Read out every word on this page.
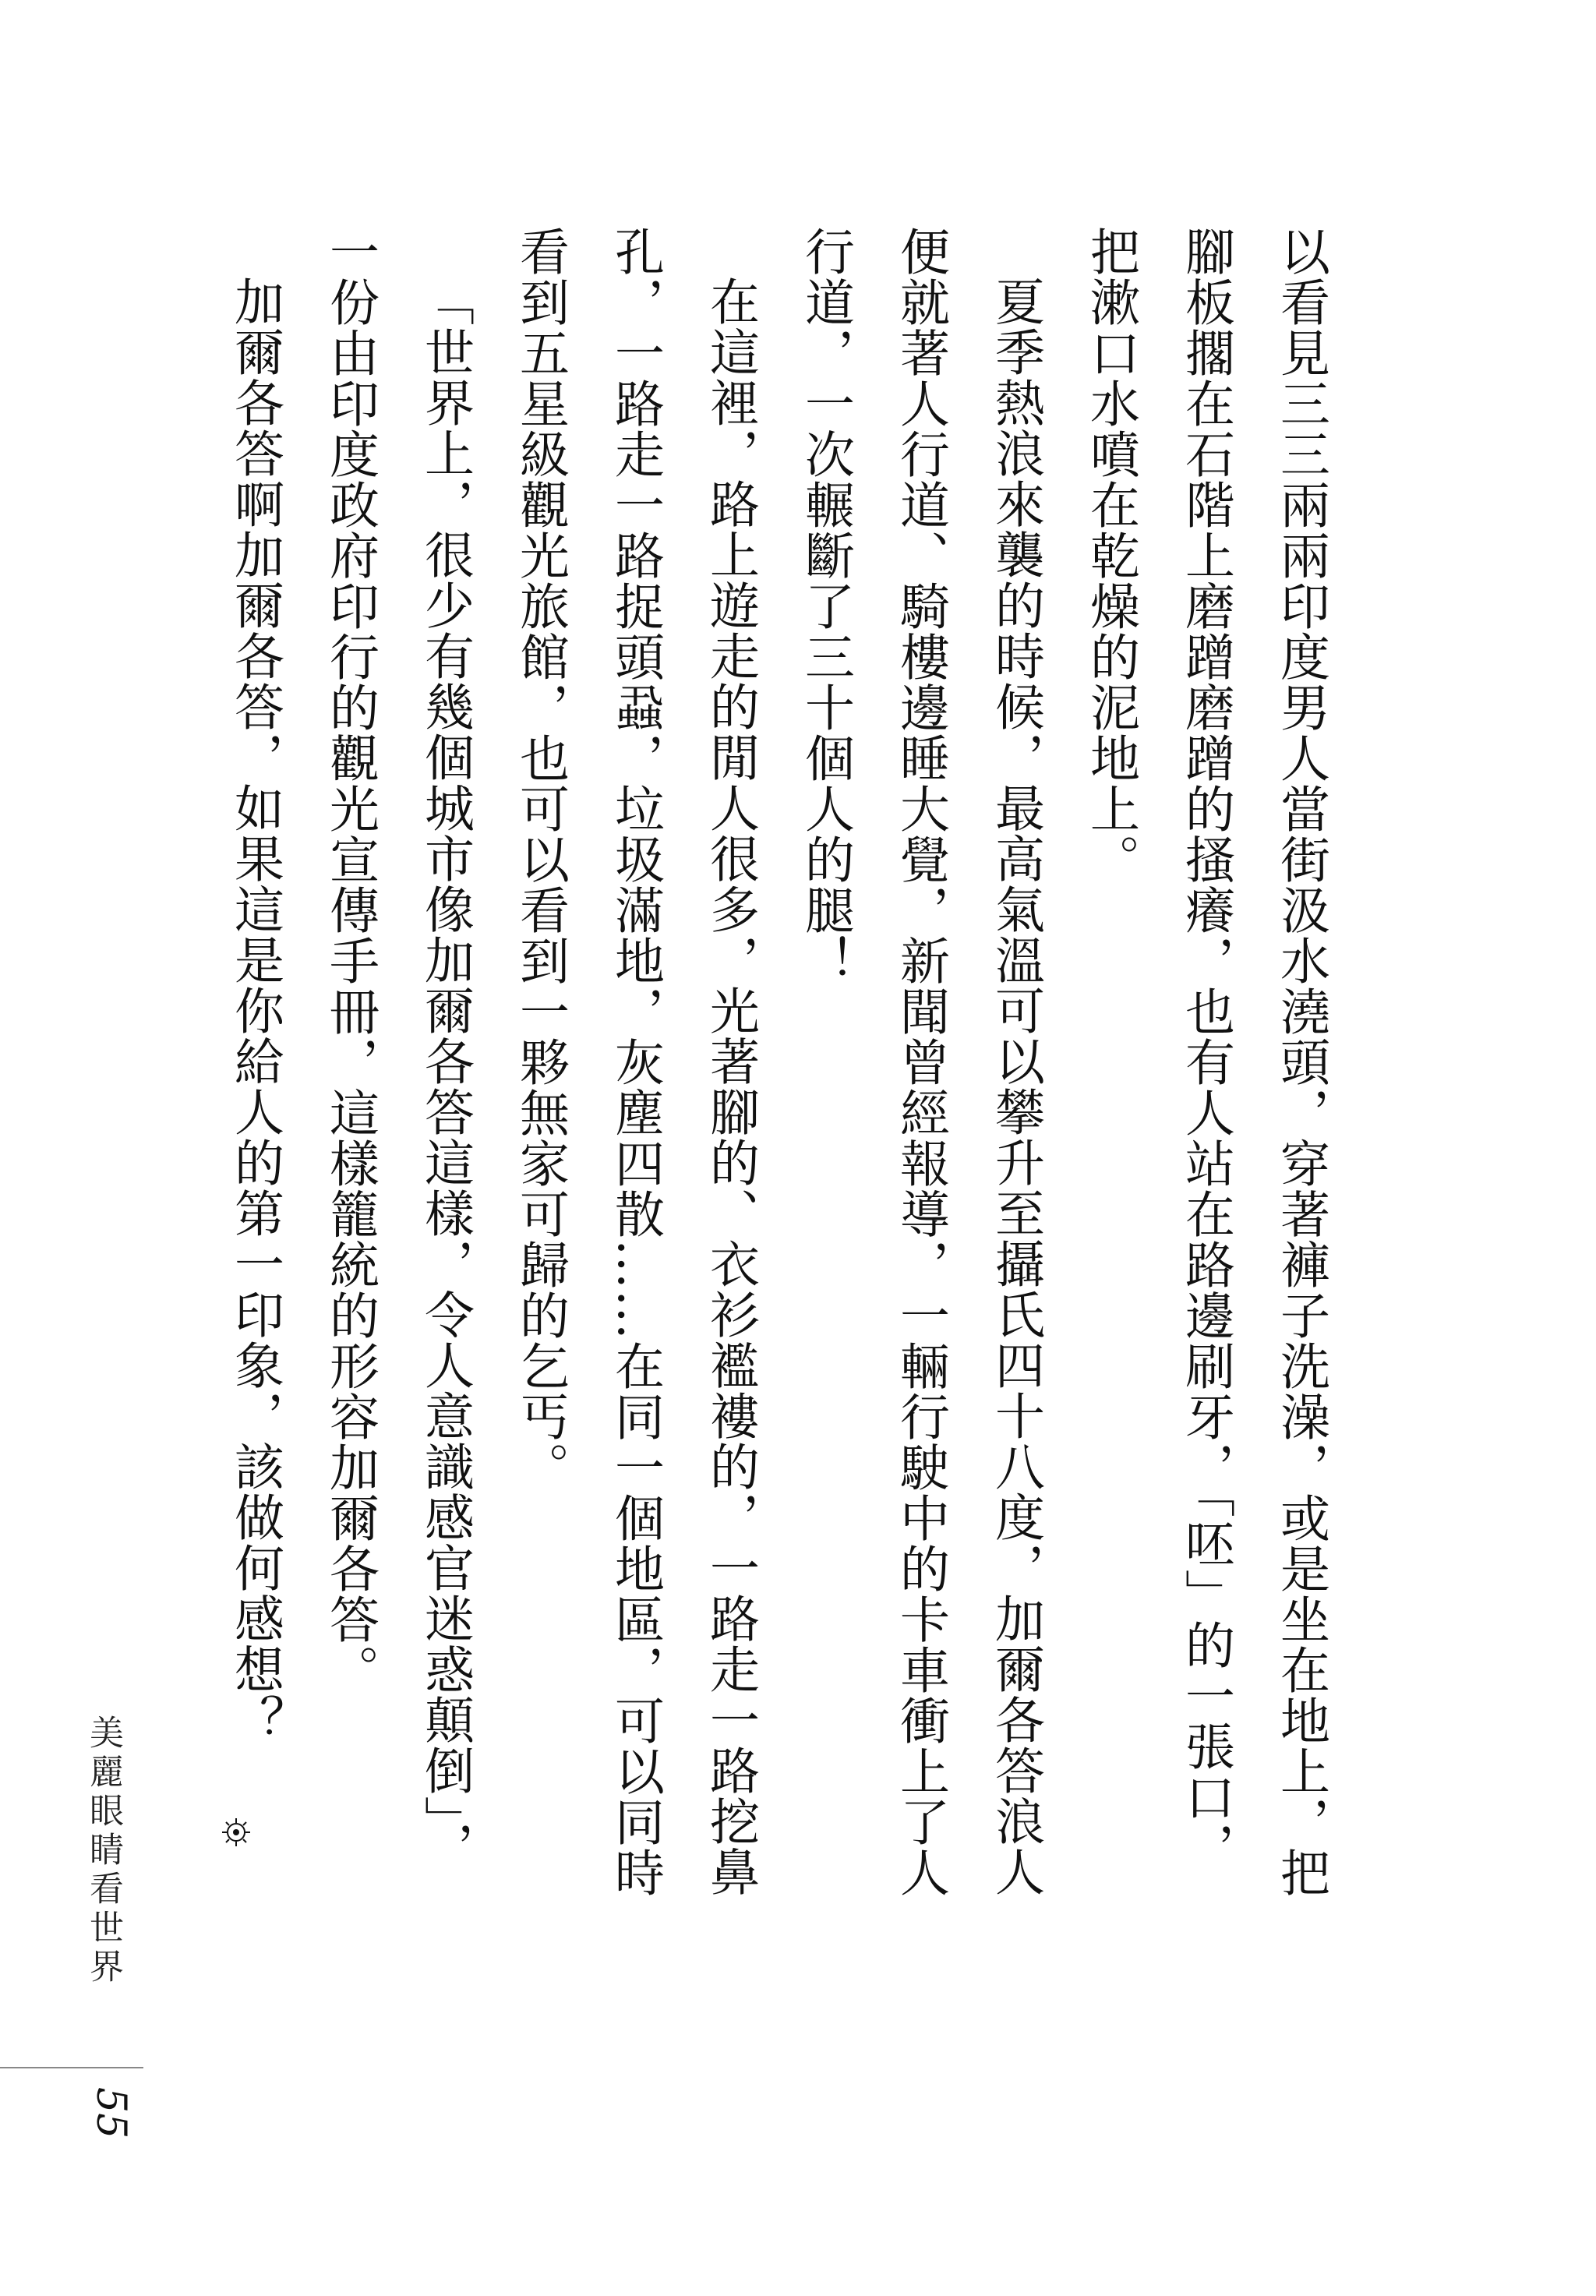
以看見三三兩兩印度男人當街汲水澆頭，穿著褲子洗澡，或是坐在地上，把腳板擱在石階上磨蹭磨蹭的搔癢，也有人站在路邊刷牙，「呸」的一張口，把漱口水噴在乾燥的泥地上。

夏季熱浪來襲的時候，最高氣溫可以攀升至攝氏四十八度，加爾各答浪人便就著人行道、騎樓邊睡大覺，新聞曾經報導，一輛行駛中的卡車衝上了人行道，一次輾斷了三十個人的腿！

在這裡，路上遊走的閒人很多，光著腳的、衣衫襤褸的，一路走一路挖鼻孔，一路走一路捉頭蝨，垃圾滿地，灰塵四散……在同一個地區，可以同時看到五星級觀光旅館，也可以看到一夥無家可歸的乞丐。

「世界上，很少有幾個城市像加爾各答這樣，令人意識感官迷惑顛倒」，一份由印度政府印行的觀光宣傳手冊，這樣籠統的形容加爾各答。

加爾各答啊加爾各答，如果這是你給人的第一印象，該做何感想？

美麗眼睛看世界
55
